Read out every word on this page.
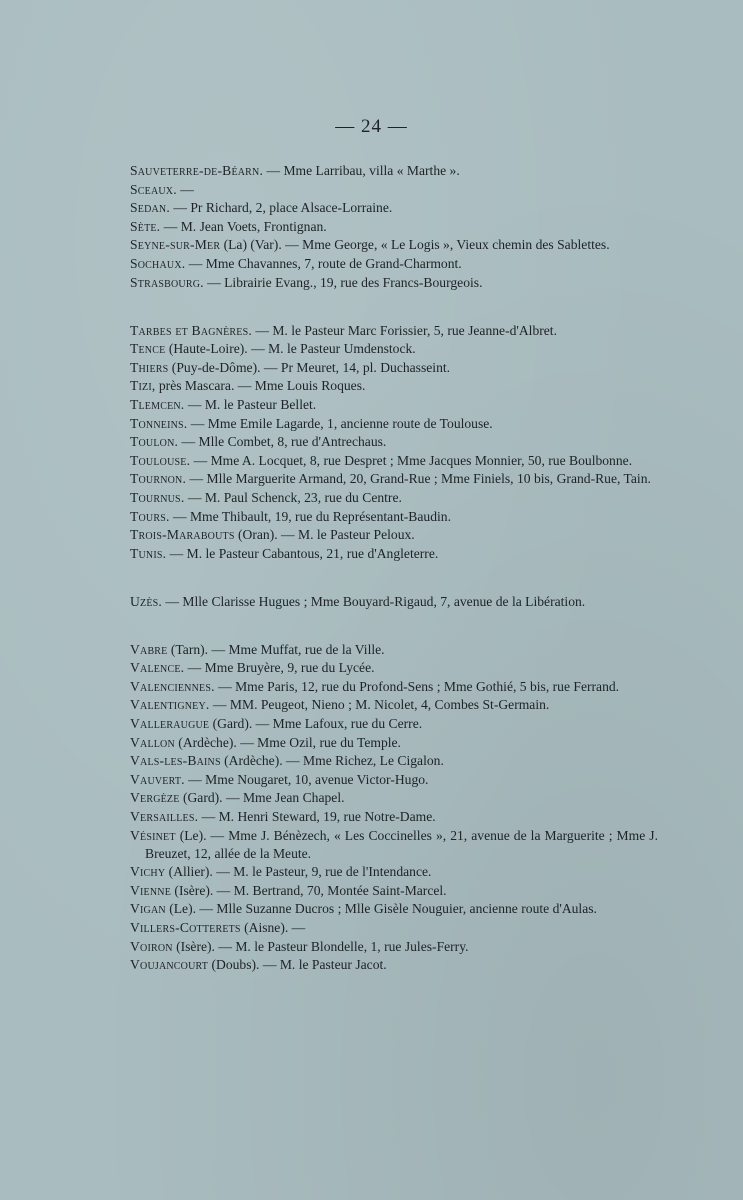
— 24 —
Sauveterre-de-Béarn. — Mme Larribau, villa « Marthe ».
Sceaux. —
Sedan. — Pr Richard, 2, place Alsace-Lorraine.
Sète. — M. Jean Voets, Frontignan.
Seyne-sur-Mer (La) (Var). — Mme George, « Le Logis », Vieux chemin des Sablettes.
Sochaux. — Mme Chavannes, 7, route de Grand-Charmont.
Strasbourg. — Librairie Evang., 19, rue des Francs-Bourgeois.
Tarbes et Bagnères. — M. le Pasteur Marc Forissier, 5, rue Jeanne-d'Albret.
Tence (Haute-Loire). — M. le Pasteur Umdenstock.
Thiers (Puy-de-Dôme). — Pr Meuret, 14, pl. Duchasseint.
Tizi, près Mascara. — Mme Louis Roques.
Tlemcen. — M. le Pasteur Bellet.
Tonneins. — Mme Emile Lagarde, 1, ancienne route de Toulouse.
Toulon. — Mlle Combet, 8, rue d'Antrechaus.
Toulouse. — Mme A. Locquet, 8, rue Despret ; Mme Jacques Monnier, 50, rue Boulbonne.
Tournon. — Mlle Marguerite Armand, 20, Grand-Rue ; Mme Finiels, 10 bis, Grand-Rue, Tain.
Tournus. — M. Paul Schenck, 23, rue du Centre.
Tours. — Mme Thibault, 19, rue du Représentant-Baudin.
Trois-Marabouts (Oran). — M. le Pasteur Peloux.
Tunis. — M. le Pasteur Cabantous, 21, rue d'Angleterre.
Uzès. — Mlle Clarisse Hugues ; Mme Bouyard-Rigaud, 7, avenue de la Libération.
Vabre (Tarn). — Mme Muffat, rue de la Ville.
Valence. — Mme Bruyère, 9, rue du Lycée.
Valenciennes. — Mme Paris, 12, rue du Profond-Sens ; Mme Gothié, 5 bis, rue Ferrand.
Valentigney. — MM. Peugeot, Nieno ; M. Nicolet, 4, Combes St-Germain.
Valleraugue (Gard). — Mme Lafoux, rue du Cerre.
Vallon (Ardèche). — Mme Ozil, rue du Temple.
Vals-les-Bains (Ardèche). — Mme Richez, Le Cigalon.
Vauvert. — Mme Nougaret, 10, avenue Victor-Hugo.
Vergèze (Gard). — Mme Jean Chapel.
Versailles. — M. Henri Steward, 19, rue Notre-Dame.
Vésinet (Le). — Mme J. Bénèzech, « Les Coccinelles », 21, avenue de la Marguerite ; Mme J. Breuzet, 12, allée de la Meute.
Vichy (Allier). — M. le Pasteur, 9, rue de l'Intendance.
Vienne (Isère). — M. Bertrand, 70, Montée Saint-Marcel.
Vigan (Le). — Mlle Suzanne Ducros ; Mlle Gisèle Nouguier, ancienne route d'Aulas.
Villers-Cotterets (Aisne). —
Voiron (Isère). — M. le Pasteur Blondelle, 1, rue Jules-Ferry.
Voujancourt (Doubs). — M. le Pasteur Jacot.
